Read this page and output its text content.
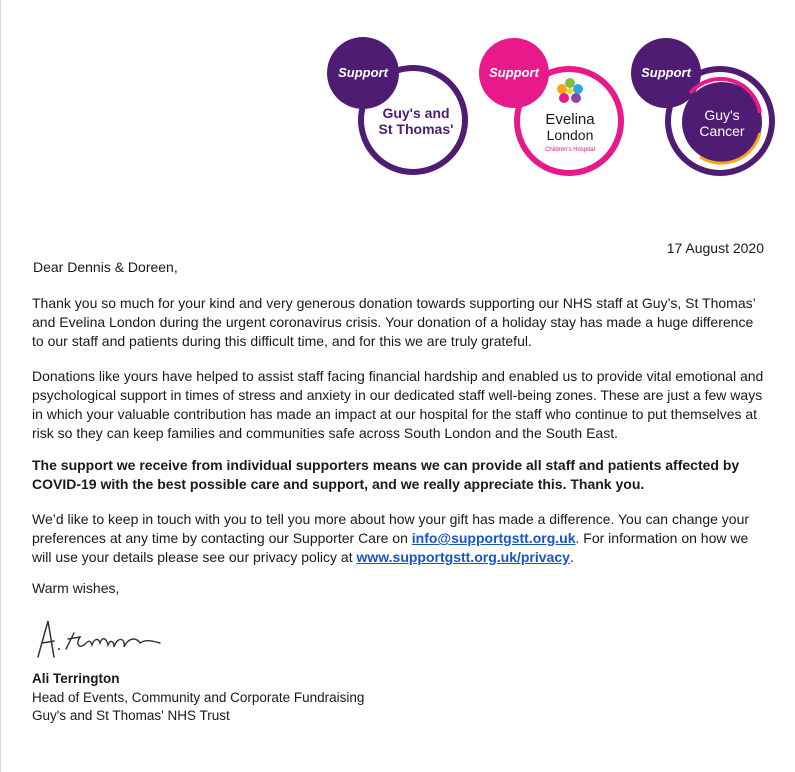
Support
Guy's and
St Thomas'
Support
Evelina
London
Children's Hospital
Support
Guy's
Cancer
17 August 2020
Dear Dennis & Doreen,

Thank you so much for your kind and very generous donation towards supporting our NHS staff at Guy’s, St Thomas’ and Evelina London during the urgent coronavirus crisis. Your donation of a holiday stay has made a huge difference to our staff and patients during this difficult time, and for this we are truly grateful.

Donations like yours have helped to assist staff facing financial hardship and enabled us to provide vital emotional and psychological support in times of stress and anxiety in our dedicated staff well-being zones. These are just a few ways in which your valuable contribution has made an impact at our hospital for the staff who continue to put themselves at risk so they can keep families and communities safe across South London and the South East.

The support we receive from individual supporters means we can provide all staff and patients affected by COVID-19 with the best possible care and support, and we really appreciate this. Thank you.

We’d like to keep in touch with you to tell you more about how your gift has made a difference. You can change your preferences at any time by contacting our Supporter Care on info@supportgstt.org.uk. For information on how we will use your details please see our privacy policy at www.supportgstt.org.uk/privacy.

Warm wishes,
Ali Terrington
Head of Events, Community and Corporate Fundraising
Guy's and St Thomas' NHS Trust
